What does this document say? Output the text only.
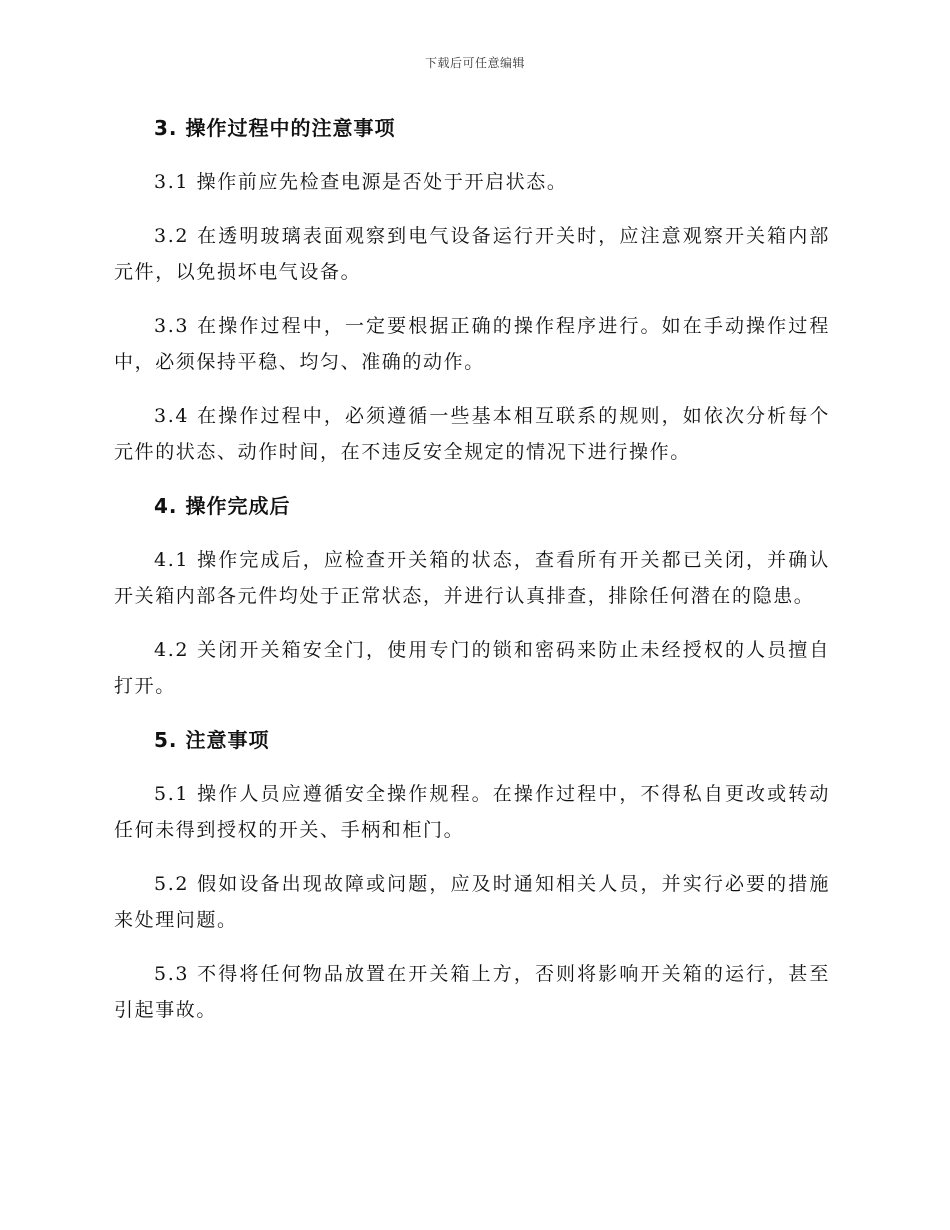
下载后可任意编辑
3. 操作过程中的注意事项

3.1 操作前应先检查电源是否处于开启状态。

3.2 在透明玻璃表面观察到电气设备运行开关时，应注意观察开关箱内部元件，以免损坏电气设备。

3.3 在操作过程中，一定要根据正确的操作程序进行。如在手动操作过程中，必须保持平稳、均匀、准确的动作。

3.4 在操作过程中，必须遵循一些基本相互联系的规则，如依次分析每个元件的状态、动作时间，在不违反安全规定的情况下进行操作。

4. 操作完成后

4.1 操作完成后，应检查开关箱的状态，查看所有开关都已关闭，并确认开关箱内部各元件均处于正常状态，并进行认真排查，排除任何潜在的隐患。

4.2 关闭开关箱安全门，使用专门的锁和密码来防止未经授权的人员擅自打开。

5. 注意事项

5.1 操作人员应遵循安全操作规程。在操作过程中，不得私自更改或转动任何未得到授权的开关、手柄和柜门。

5.2 假如设备出现故障或问题，应及时通知相关人员，并实行必要的措施来处理问题。

5.3 不得将任何物品放置在开关箱上方，否则将影响开关箱的运行，甚至引起事故。
